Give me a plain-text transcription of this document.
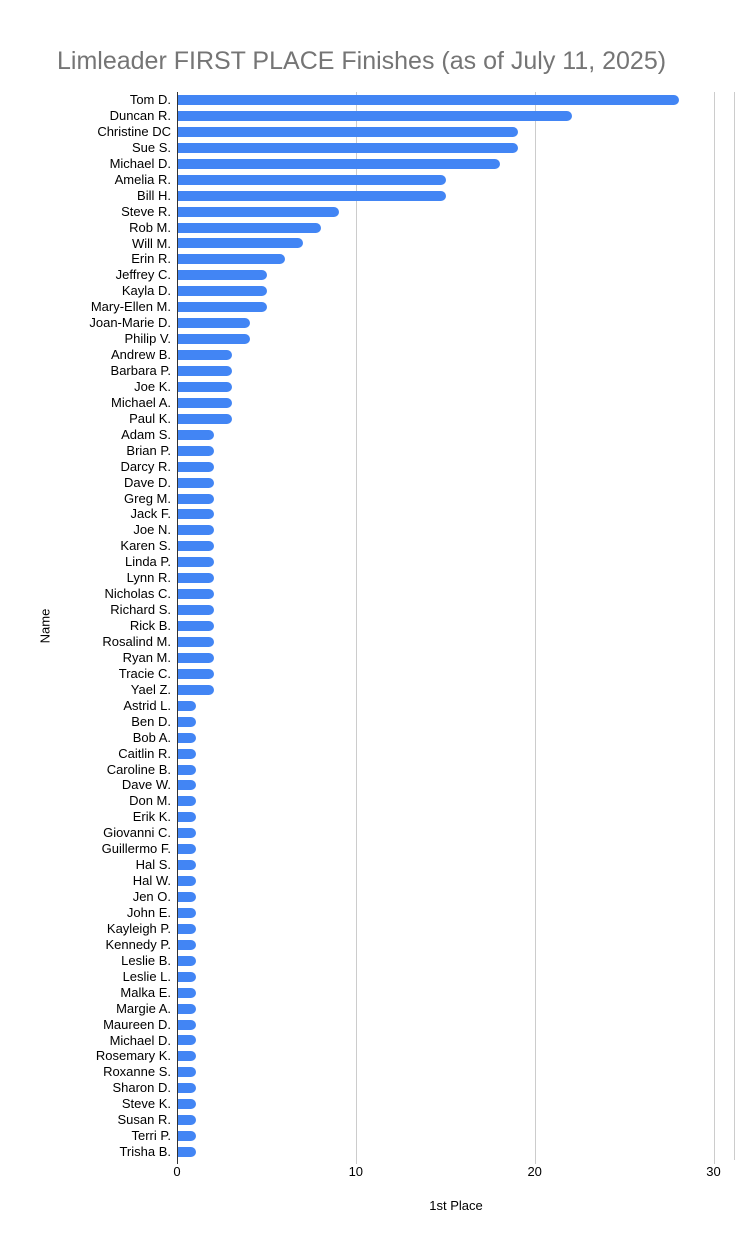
Limleader FIRST PLACE Finishes (as of July 11, 2025)
Name
Tom D.
Duncan R.
Christine DC
Sue S.
Michael D.
Amelia R.
Bill H.
Steve R.
Rob M.
Will M.
Erin R.
Jeffrey C.
Kayla D.
Mary-Ellen M.
Joan-Marie D.
Philip V.
Andrew B.
Barbara P.
Joe K.
Michael A.
Paul K.
Adam S.
Brian P.
Darcy R.
Dave D.
Greg M.
Jack F.
Joe N.
Karen S.
Linda P.
Lynn R.
Nicholas C.
Richard S.
Rick B.
Rosalind M.
Ryan M.
Tracie C.
Yael Z.
Astrid L.
Ben D.
Bob A.
Caitlin R.
Caroline B.
Dave W.
Don M.
Erik K.
Giovanni C.
Guillermo F.
Hal S.
Hal W.
Jen O.
John E.
Kayleigh P.
Kennedy P.
Leslie B.
Leslie L.
Malka E.
Margie A.
Maureen D.
Michael D.
Rosemary K.
Roxanne S.
Sharon D.
Steve K.
Susan R.
Terri P.
Trisha B.
0	10	20	30
1st Place
